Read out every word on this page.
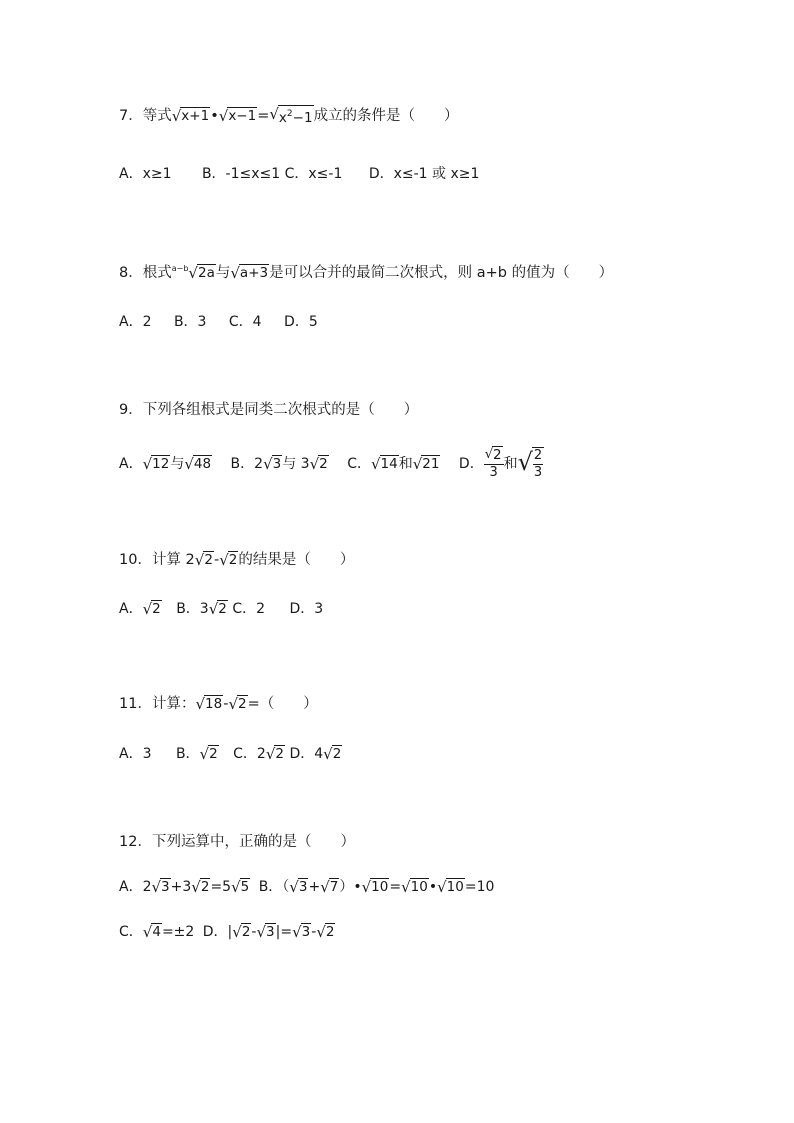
7．等式 √ x+1 • √ x−1 = √ $x^2-1$ 成立的条件是（　　）
A．x≥1 B．-1≤x≤1 C．x≤-1 D．x≤-1 或 x≥1
8．根式$^{a-b}$ √ 2a 与 √ a+3 是可以合并的最简二次根式，则 a+b 的值为（　　）
A．2 B．3 C．4 D．5
9．下列各组根式是同类二次根式的是（　　）
A． √ 12 与 √ 48 B．2 √ 3 与 3 √ 2 C． √ 14 和 √ 21 D． $\frac{√ 2}{3}$ 和 √ $\frac{2}{3}$
10．计算 2 √ 2 - √ 2 的结果是（　　）
A． √ 2 B．3 √ 2 C．2 D．3
11．计算： √ 18 - √ 2 =（　　）
A．3 B． √ 2 C．2 √ 2 D．4 √ 2
12．下列运算中，正确的是（　　）
A．2 √ 3 +3 √ 2 =5 √ 5 B．（ √ 3 + √ 7 ）• √ 10 = √ 10 • √ 10 =10
C． √ 4 =±2 D．| √ 2 - √ 3 |= √ 3 - √ 2
